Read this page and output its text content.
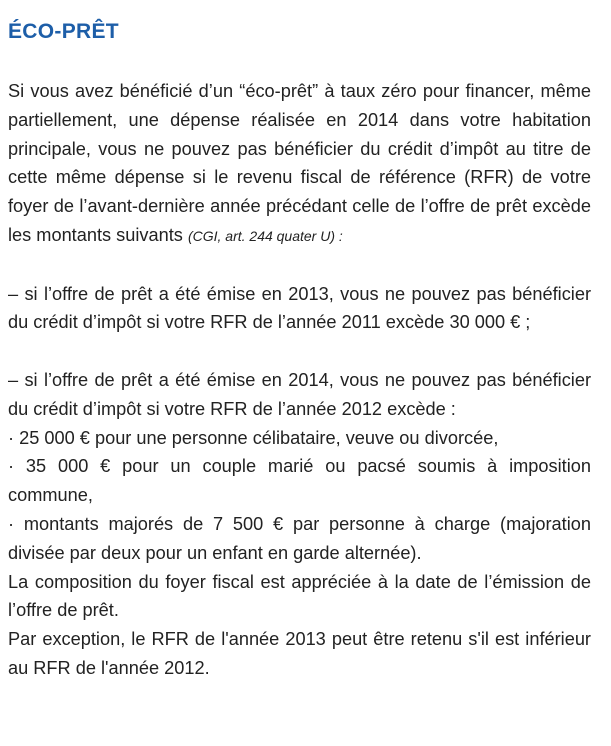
ÉCO-PRÊT

Si vous avez bénéficié d’un “éco-prêt” à taux zéro pour financer, même partiellement, une dépense réalisée en 2014 dans votre habitation principale, vous ne pouvez pas bénéficier du crédit d’impôt au titre de cette même dépense si le revenu fiscal de référence (RFR) de votre foyer de l’avant-dernière année précédant celle de l’offre de prêt excède les montants suivants (CGI, art. 244 quater U) :

– si l’offre de prêt a été émise en 2013, vous ne pouvez pas bénéficier du crédit d’impôt si votre RFR de l’année 2011 excède 30 000 € ;

– si l’offre de prêt a été émise en 2014, vous ne pouvez pas bénéficier du crédit d’impôt si votre RFR de l’année 2012 excède :

· 25 000 € pour une personne célibataire, veuve ou divorcée,

· 35 000 € pour un couple marié ou pacsé soumis à imposition commune,

· montants majorés de 7 500 € par personne à charge (majoration divisée par deux pour un enfant en garde alternée).

La composition du foyer fiscal est appréciée à la date de l’émission de l’offre de prêt.

Par exception, le RFR de l'année 2013 peut être retenu s'il est inférieur au RFR de l'année 2012.
